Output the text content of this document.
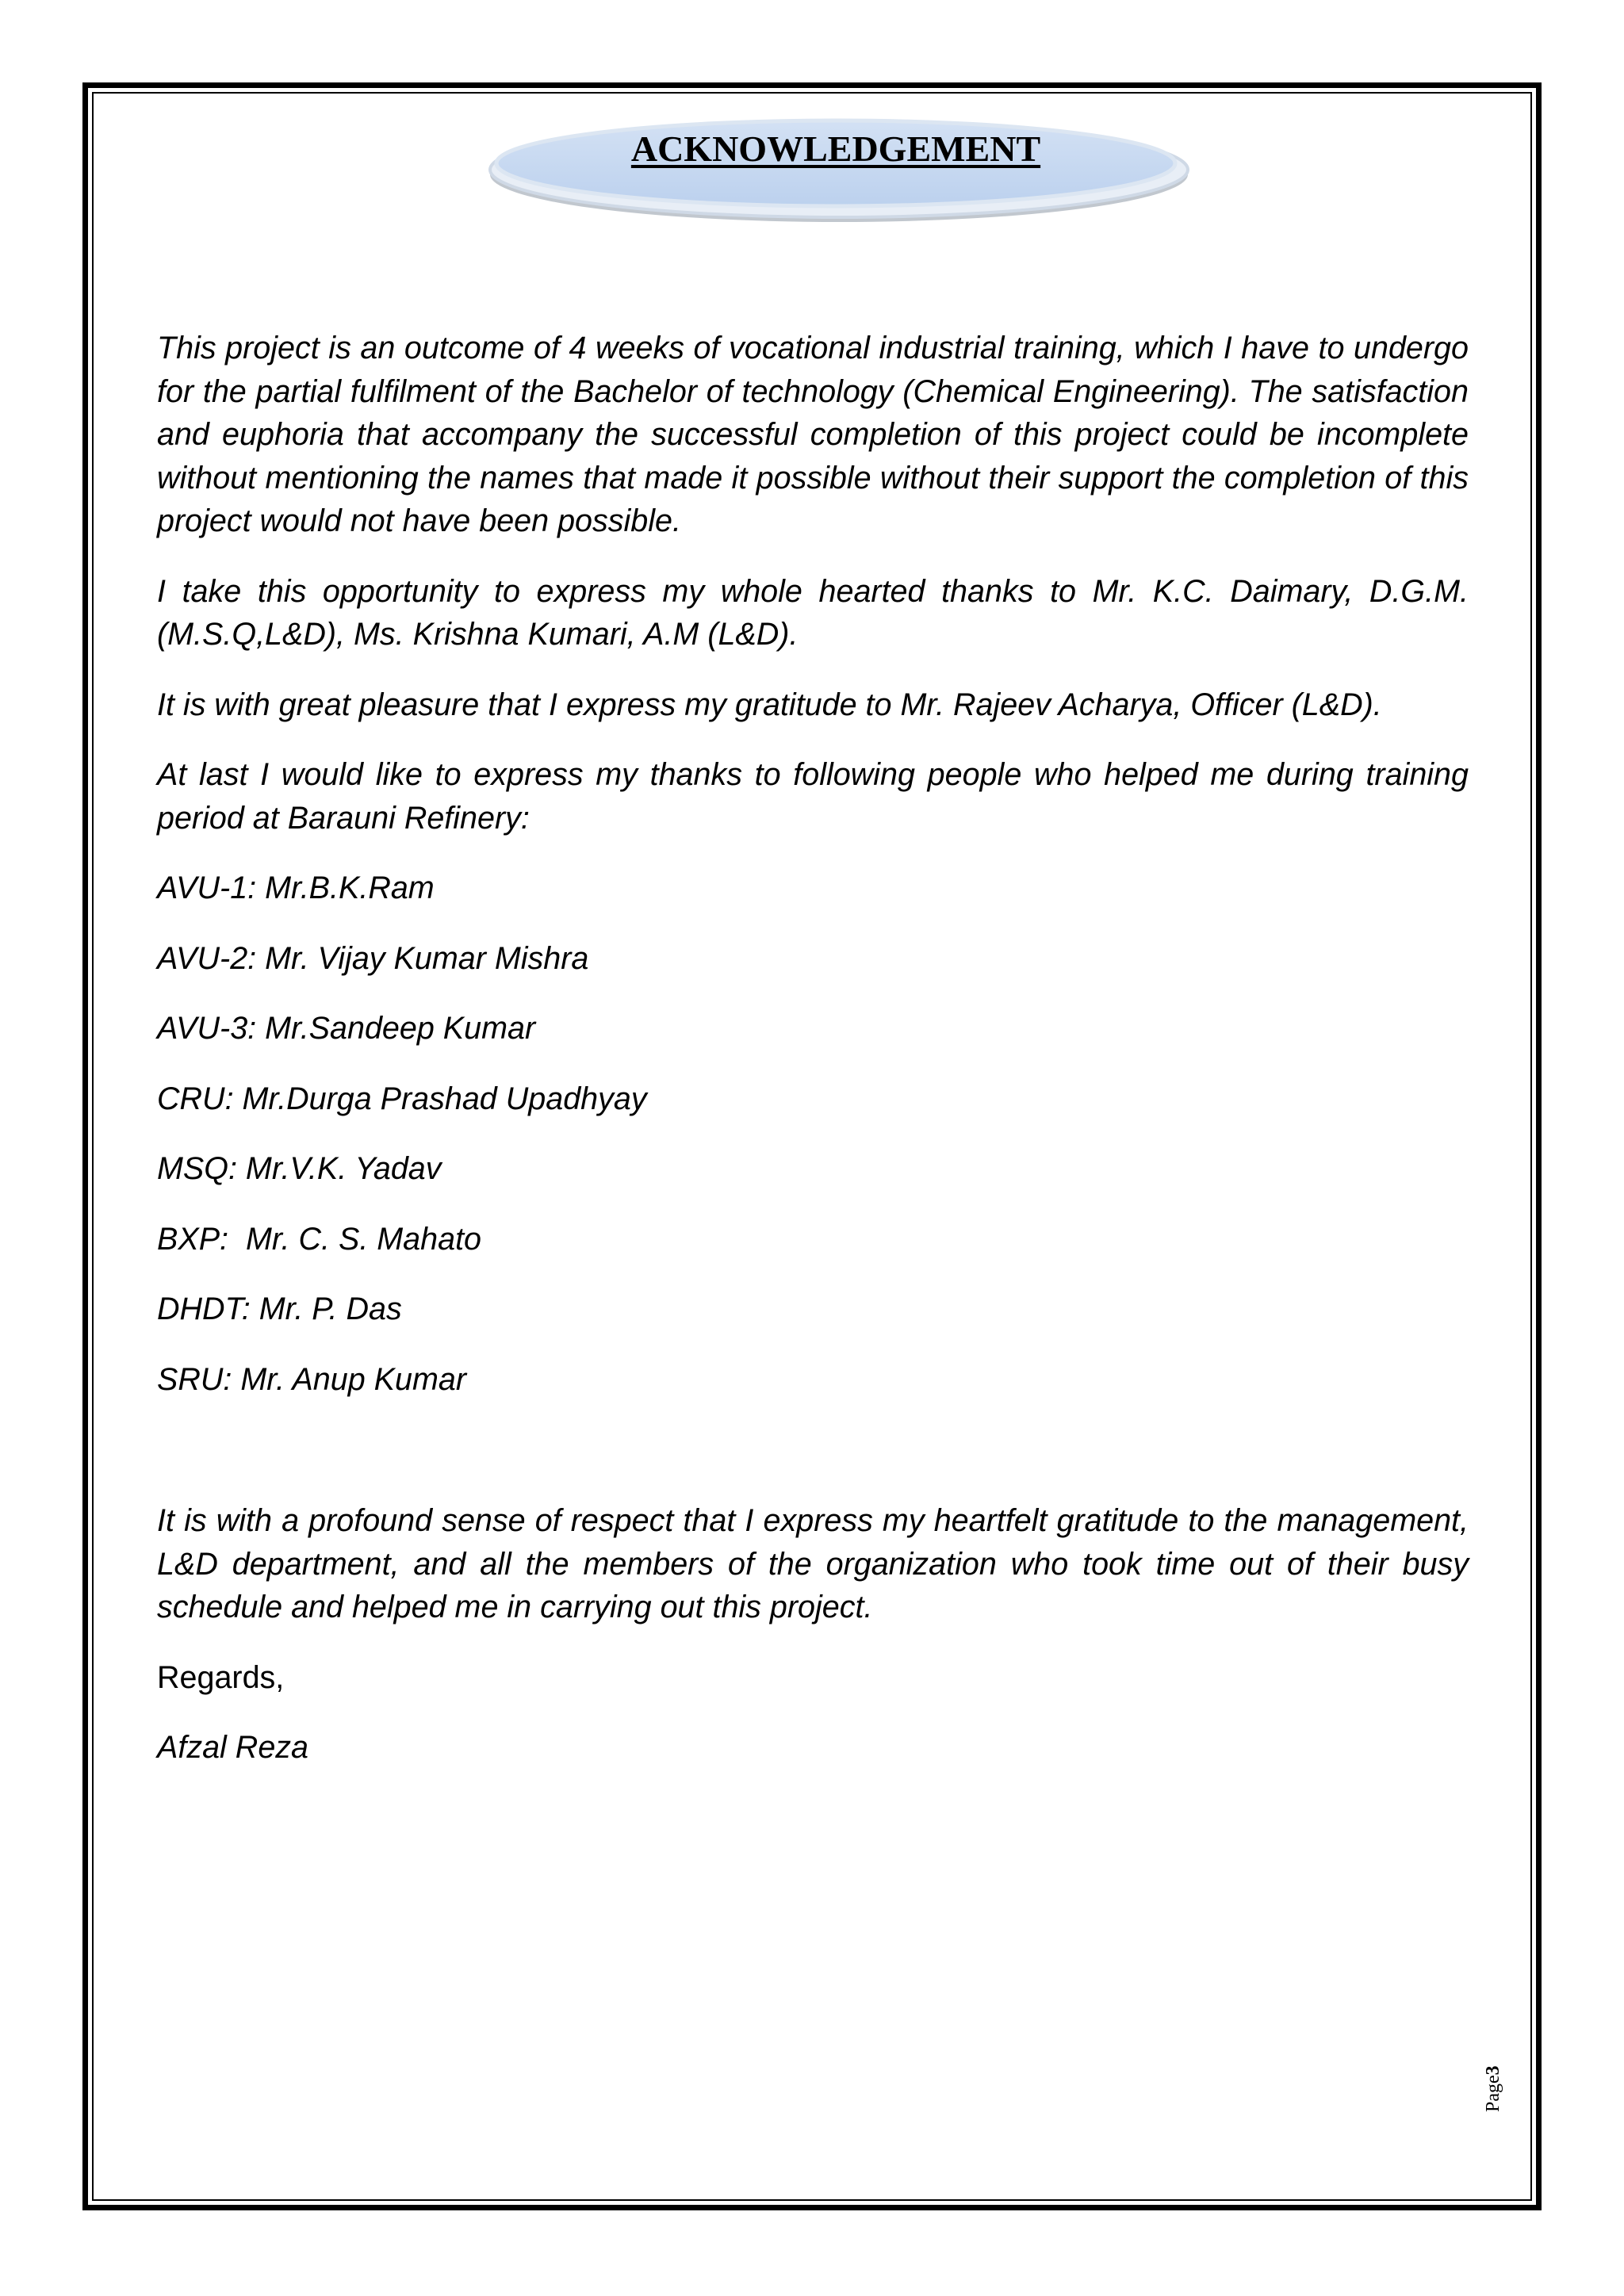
ACKNOWLEDGEMENT

This project is an outcome of 4 weeks of vocational industrial training, which I have to undergo for the partial fulfilment of the Bachelor of technology (Chemical Engineering). The satisfaction and euphoria that accompany the successful completion of this project could be incomplete without mentioning the names that made it possible without their support the completion of this project would not have been possible.

I take this opportunity to express my whole hearted thanks to Mr. K.C. Daimary, D.G.M. (M.S.Q,L&D), Ms. Krishna Kumari, A.M (L&D).

It is with great pleasure that I express my gratitude to Mr. Rajeev Acharya, Officer (L&D).

At last I would like to express my thanks to following people who helped me during training period at Barauni Refinery:

AVU-1: Mr.B.K.Ram

AVU-2: Mr. Vijay Kumar Mishra

AVU-3: Mr.Sandeep Kumar

CRU: Mr.Durga Prashad Upadhyay

MSQ: Mr.V.K. Yadav

BXP:  Mr. C. S. Mahato

DHDT: Mr. P. Das

SRU: Mr. Anup Kumar

It is with a profound sense of respect that I express my heartfelt gratitude to the management, L&D department, and all the members of the organization who took time out of their busy schedule and helped me in carrying out this project.

Regards,

Afzal Reza

Page3
